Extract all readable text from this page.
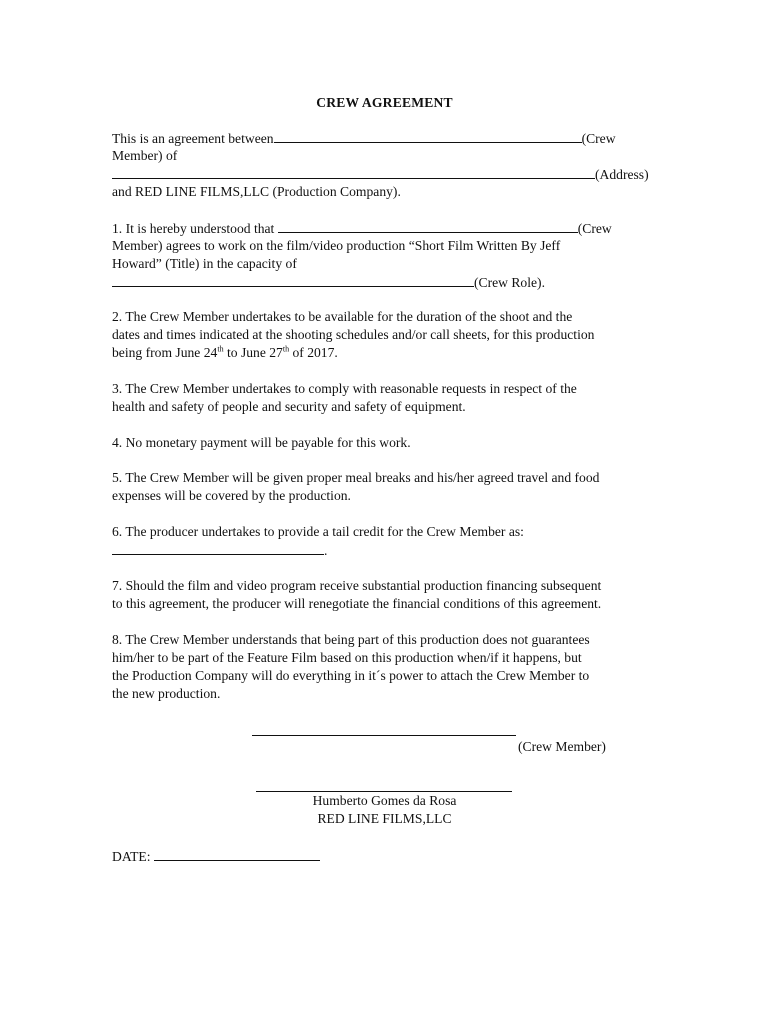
CREW AGREEMENT
This is an agreement between	(Crew
Member) of
(Address)
and RED LINE FILMS,LLC (Production Company).
1. It is hereby understood that	(Crew
Member) agrees to work on the film/video production “Short Film Written By Jeff
Howard” (Title) in the capacity of
(Crew Role).
2. The Crew Member undertakes to be available for the duration of the shoot and the
dates and times indicated at the shooting schedules and/or call sheets, for this production
being from June 24th to June 27th of 2017.
3. The Crew Member undertakes to comply with reasonable requests in respect of the
health and safety of people and security and safety of equipment.
4. No monetary payment will be payable for this work.
5. The Crew Member will be given proper meal breaks and his/her agreed travel and food
expenses will be covered by the production.
6. The producer undertakes to provide a tail credit for the Crew Member as:
.
7. Should the film and video program receive substantial production financing subsequent
to this agreement, the producer will renegotiate the financial conditions of this agreement.
8. The Crew Member understands that being part of this production does not guarantees
him/her to be part of the Feature Film based on this production when/if it happens, but
the Production Company will do everything in it´s power to attach the Crew Member to
the new production.
(Crew Member)
Humberto Gomes da Rosa
RED LINE FILMS,LLC
DATE:
